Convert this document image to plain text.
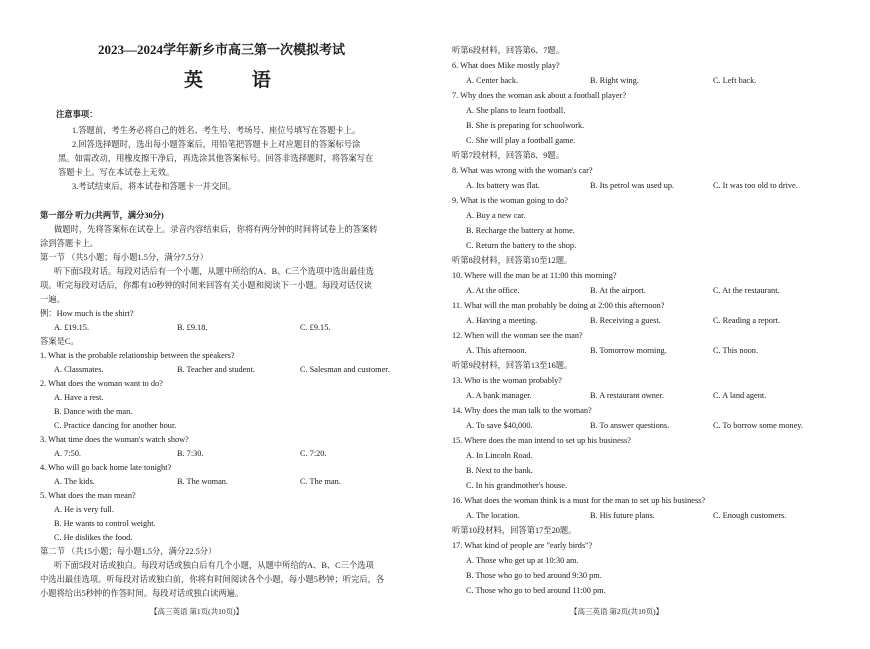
2023—2024学年新乡市高三第一次模拟考试
英 语
注意事项：
1.答题前，考生务必将自己的姓名、考生号、考场号、座位号填写在答题卡上。
2.回答选择题时，选出每小题答案后，用铅笔把答题卡上对应题目的答案标号涂
黑。如需改动，用橡皮擦干净后，再选涂其他答案标号。回答非选择题时，将答案写在
答题卡上。写在本试卷上无效。
3.考试结束后，将本试卷和答题卡一并交回。
第一部分 听力(共两节，满分30分)
做题时，先将答案标在试卷上。录音内容结束后，你将有两分钟的时间将试卷上的答案转
涂到答题卡上。
第一节 （共5小题；每小题1.5分，满分7.5分）
听下面5段对话。每段对话后有一个小题，从题中所给的A、B、C三个选项中选出最佳选
项。听完每段对话后，你都有10秒钟的时间来回答有关小题和阅读下一小题。每段对话仅读
一遍。
例：How much is the shirt?
A. £19.15.	B. £9.18.	C. £9.15.
答案是C。
1. What is the probable relationship between the speakers?
A. Classmates.	B. Teacher and student.	C. Salesman and customer.
2. What does the woman want to do?
A. Have a rest.
B. Dance with the man.
C. Practice dancing for another hour.
3. What time does the woman's watch show?
A. 7:50.	B. 7:30.	C. 7:20.
4. Who will go back home late tonight?
A. The kids.	B. The woman.	C. The man.
5. What does the man mean?
A. He is very full.
B. He wants to control weight.
C. He dislikes the food.
第二节 （共15小题；每小题1.5分，满分22.5分）
听下面5段对话或独白。每段对话或独白后有几个小题，从题中所给的A、B、C三个选项
中选出最佳选项。听每段对话或独白前，你将有时间阅读各个小题，每小题5秒钟；听完后，各
小题将给出5秒钟的作答时间。每段对话或独白读两遍。
【高三英语 第1页(共10页)】
听第6段材料，回答第6、7题。
6. What does Mike mostly play?
A. Center back.	B. Right wing.	C. Left back.
7. Why does the woman ask about a football player?
A. She plans to learn football.
B. She is preparing for schoolwork.
C. She will play a football game.
听第7段材料，回答第8、9题。
8. What was wrong with the woman's car?
A. Its battery was flat.	B. Its petrol was used up.	C. It was too old to drive.
9. What is the woman going to do?
A. Buy a new car.
B. Recharge the battery at home.
C. Return the battery to the shop.
听第8段材料，回答第10至12题。
10. Where will the man be at 11:00 this morning?
A. At the office.	B. At the airport.	C. At the restaurant.
11. What will the man probably be doing at 2:00 this afternoon?
A. Having a meeting.	B. Receiving a guest.	C. Reading a report.
12. When will the woman see the man?
A. This afternoon.	B. Tomorrow morning.	C. This noon.
听第9段材料，回答第13至16题。
13. Who is the woman probably?
A. A bank manager.	B. A restaurant owner.	C. A land agent.
14. Why does the man talk to the woman?
A. To save $40,000.	B. To answer questions.	C. To borrow some money.
15. Where does the man intend to set up his business?
A. In Lincoln Road.
B. Next to the bank.
C. In his grandmother's house.
16. What does the woman think is a must for the man to set up his business?
A. The location.	B. His future plans.	C. Enough customers.
听第10段材料，回答第17至20题。
17. What kind of people are "early birds"?
A. Those who get up at 10:30 am.
B. Those who go to bed around 9:30 pm.
C. Those who go to bed around 11:00 pm.
【高三英语 第2页(共10页)】
